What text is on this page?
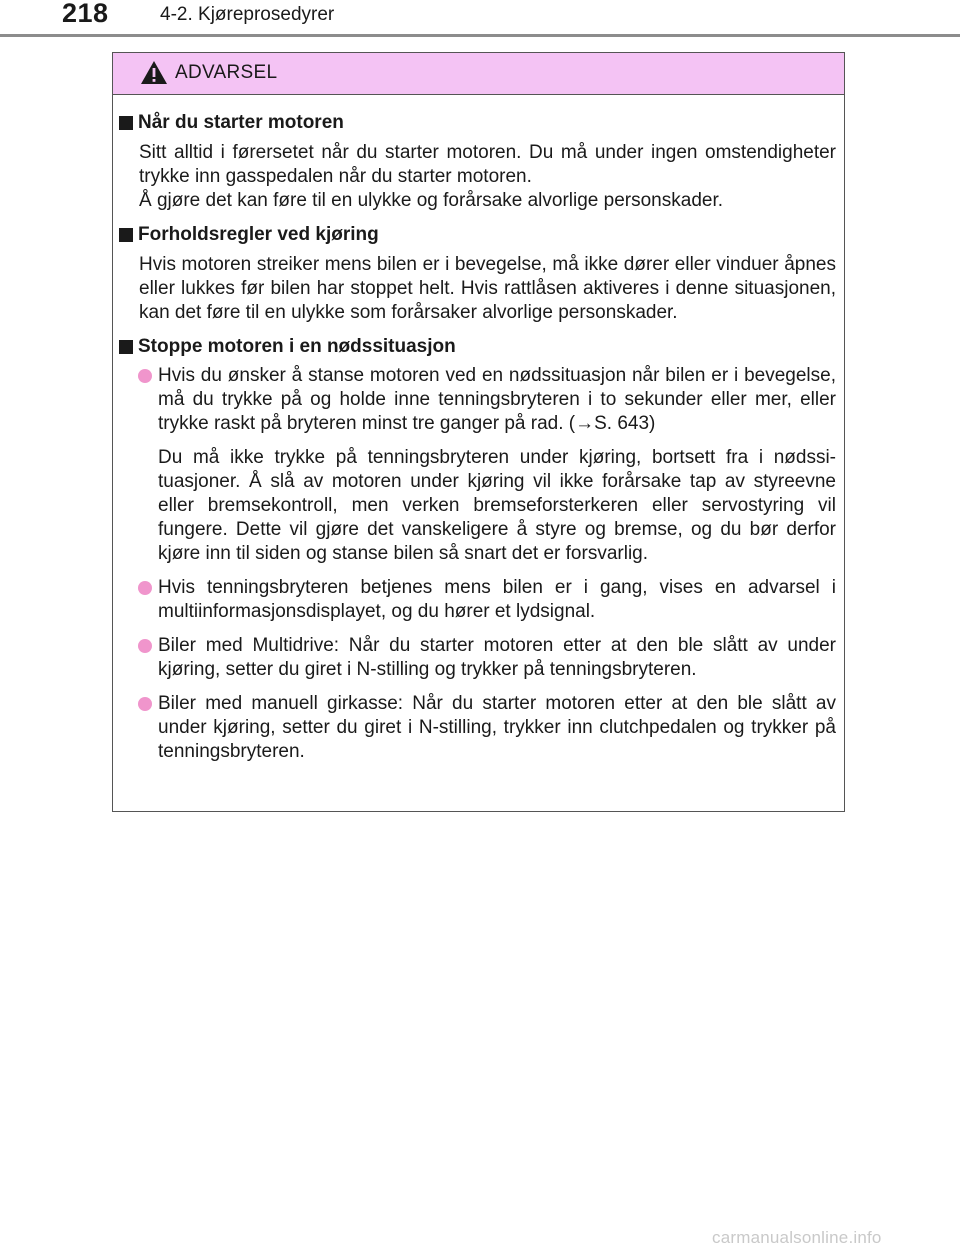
218	4-2. Kjøreprosedyrer
ADVARSEL
Når du starter motoren
Sitt alltid i førersetet når du starter motoren. Du må under ingen omstendigheter trykke inn gasspedalen når du starter motoren.
Å gjøre det kan føre til en ulykke og forårsake alvorlige personskader.
Forholdsregler ved kjøring
Hvis motoren streiker mens bilen er i bevegelse, må ikke dører eller vinduer åpnes eller lukkes før bilen har stoppet helt. Hvis rattlåsen aktiveres i denne situasjonen, kan det føre til en ulykke som forårsaker alvorlige personskader.
Stoppe motoren i en nødssituasjon
Hvis du ønsker å stanse motoren ved en nødssituasjon når bilen er i bevegelse, må du trykke på og holde inne tenningsbryteren i to sekunder eller mer, eller trykke raskt på bryteren minst tre ganger på rad. (→S. 643)
Du må ikke trykke på tenningsbryteren under kjøring, bortsett fra i nødssituasjoner. Å slå av motoren under kjøring vil ikke forårsake tap av styreevne eller bremsekontroll, men verken bremseforsterkeren eller servostyring vil fungere. Dette vil gjøre det vanskeligere å styre og bremse, og du bør derfor kjøre inn til siden og stanse bilen så snart det er forsvarlig.
Hvis tenningsbryteren betjenes mens bilen er i gang, vises en advarsel i multiinformasjonsdisplayet, og du hører et lydsignal.
Biler med Multidrive: Når du starter motoren etter at den ble slått av under kjøring, setter du giret i N-stilling og trykker på tenningsbryteren.
Biler med manuell girkasse: Når du starter motoren etter at den ble slått av under kjøring, setter du giret i N-stilling, trykker inn clutchpedalen og trykker på tenningsbryteren.
carmanualsonline.info
